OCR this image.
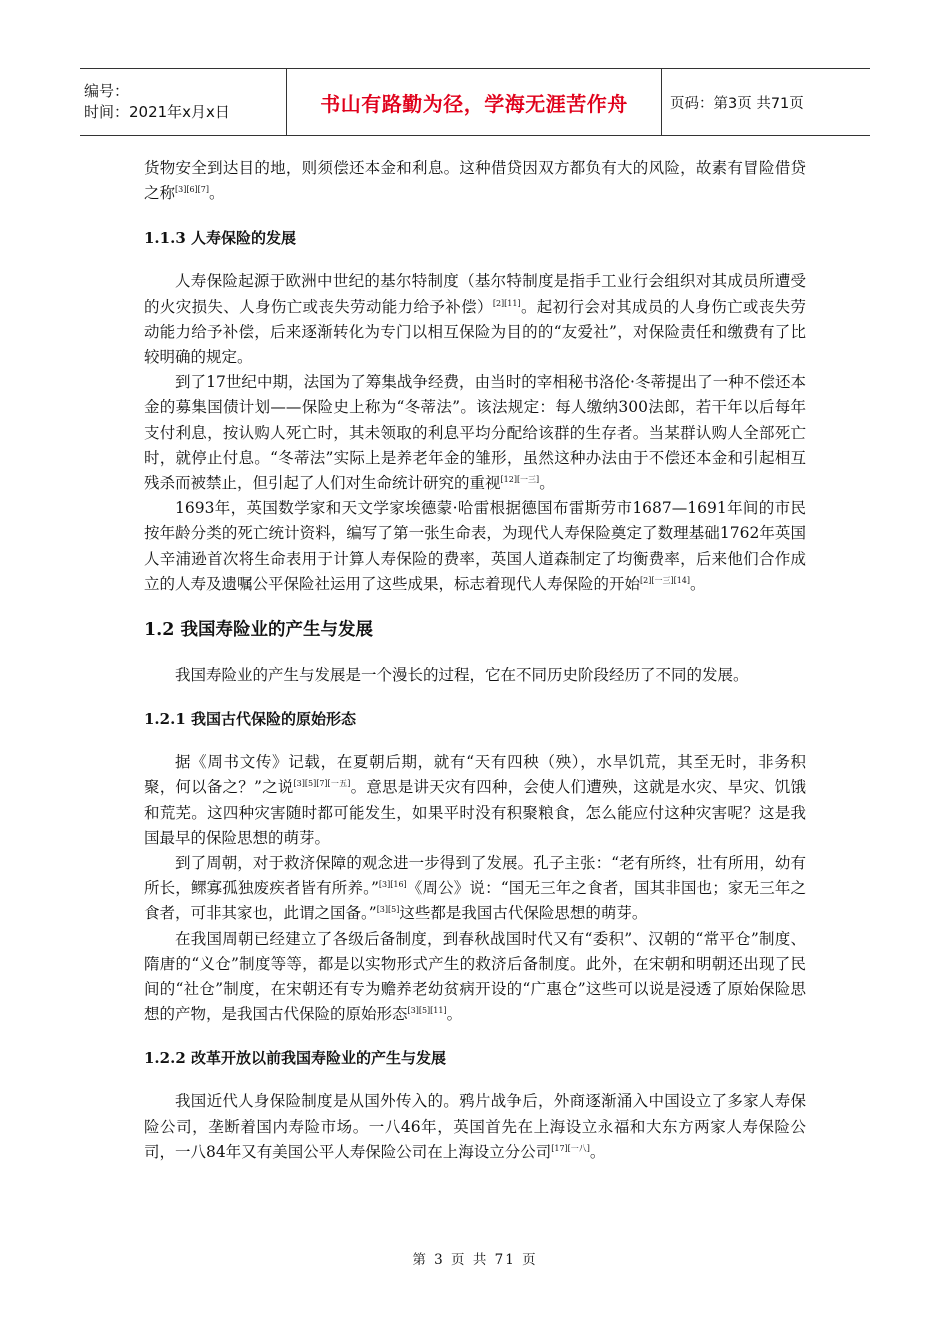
编号：
时间：2021年x月x日	书山有路勤为径，学海无涯苦作舟	页码：第3页 共71页

货物安全到达目的地，则须偿还本金和利息。这种借贷因双方都负有大的风险，故素有冒险借贷之称[3][6][7]。

1.1.3 人寿保险的发展

人寿保险起源于欧洲中世纪的基尔特制度（基尔特制度是指手工业行会组织对其成员所遭受的火灾损失、人身伤亡或丧失劳动能力给予补偿）[2][11]。起初行会对其成员的人身伤亡或丧失劳动能力给予补偿，后来逐渐转化为专门以相互保险为目的的“友爱社”，对保险责任和缴费有了比较明确的规定。

到了17世纪中期，法国为了筹集战争经费，由当时的宰相秘书洛伦·冬蒂提出了一种不偿还本金的募集国债计划——保险史上称为“冬蒂法”。该法规定：每人缴纳300法郎，若干年以后每年支付利息，按认购人死亡时，其未领取的利息平均分配给该群的生存者。当某群认购人全部死亡时，就停止付息。“冬蒂法”实际上是养老年金的雏形，虽然这种办法由于不偿还本金和引起相互残杀而被禁止，但引起了人们对生命统计研究的重视[12][一三]。

1693年，英国数学家和天文学家埃德蒙·哈雷根据德国布雷斯劳市1687—1691年间的市民按年龄分类的死亡统计资料，编写了第一张生命表，为现代人寿保险奠定了数理基础1762年英国人辛浦逊首次将生命表用于计算人寿保险的费率，英国人道森制定了均衡费率，后来他们合作成立的人寿及遗嘱公平保险社运用了这些成果，标志着现代人寿保险的开始[2][一三][14]。

1.2 我国寿险业的产生与发展

我国寿险业的产生与发展是一个漫长的过程，它在不同历史阶段经历了不同的发展。

1.2.1 我国古代保险的原始形态

据《周书文传》记载，在夏朝后期，就有“天有四秧（殃），水旱饥荒，其至无时，非务积聚，何以备之？”之说[3][5][7][一五]。意思是讲天灾有四种，会使人们遭殃，这就是水灾、旱灾、饥饿和荒芜。这四种灾害随时都可能发生，如果平时没有积聚粮食，怎么能应付这种灾害呢？这是我国最早的保险思想的萌芽。

到了周朝，对于救济保障的观念进一步得到了发展。孔子主张：“老有所终，壮有所用，幼有所长，鳏寡孤独废疾者皆有所养。”[3][16]《周公》说：“国无三年之食者，国其非国也；家无三年之食者，可非其家也，此谓之国备。”[3][5]这些都是我国古代保险思想的萌芽。

在我国周朝已经建立了各级后备制度，到春秋战国时代又有“委积”、汉朝的“常平仓”制度、隋唐的“义仓”制度等等，都是以实物形式产生的救济后备制度。此外，在宋朝和明朝还出现了民间的“社仓”制度，在宋朝还有专为赡养老幼贫病开设的“广惠仓”这些可以说是浸透了原始保险思想的产物，是我国古代保险的原始形态[3][5][11]。

1.2.2 改革开放以前我国寿险业的产生与发展

我国近代人身保险制度是从国外传入的。鸦片战争后，外商逐渐涌入中国设立了多家人寿保险公司，垄断着国内寿险市场。一八46年，英国首先在上海设立永福和大东方两家人寿保险公司，一八84年又有美国公平人寿保险公司在上海设立分公司[17][一八]。

第 3 页 共 71 页
